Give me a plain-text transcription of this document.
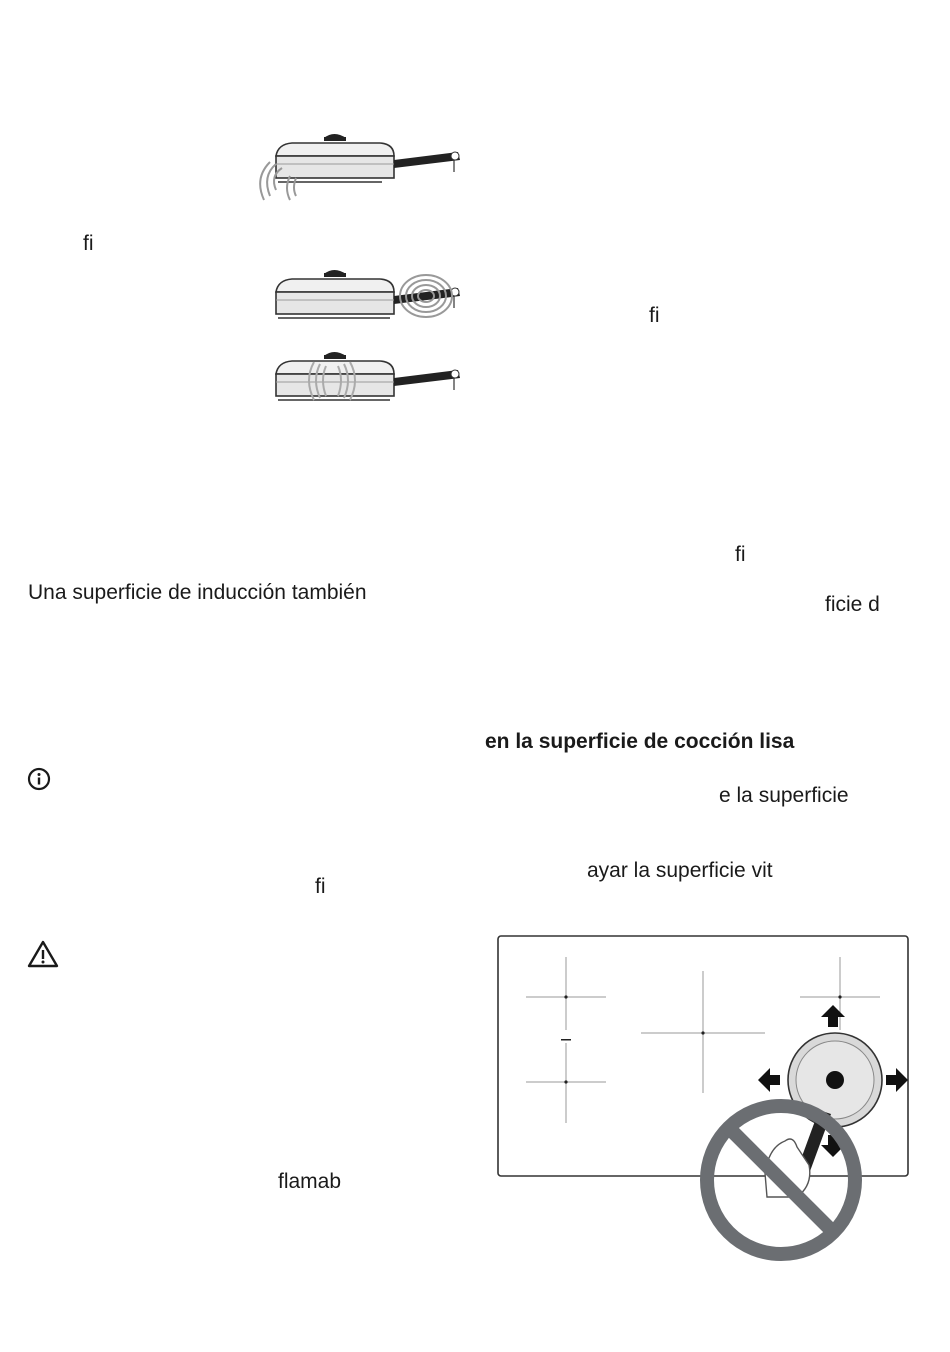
fi
fi
fi
Una superficie de inducción también
ficie d
en la superficie de cocción lisa
e la superficie
fi
ayar la superficie vit
flamab
